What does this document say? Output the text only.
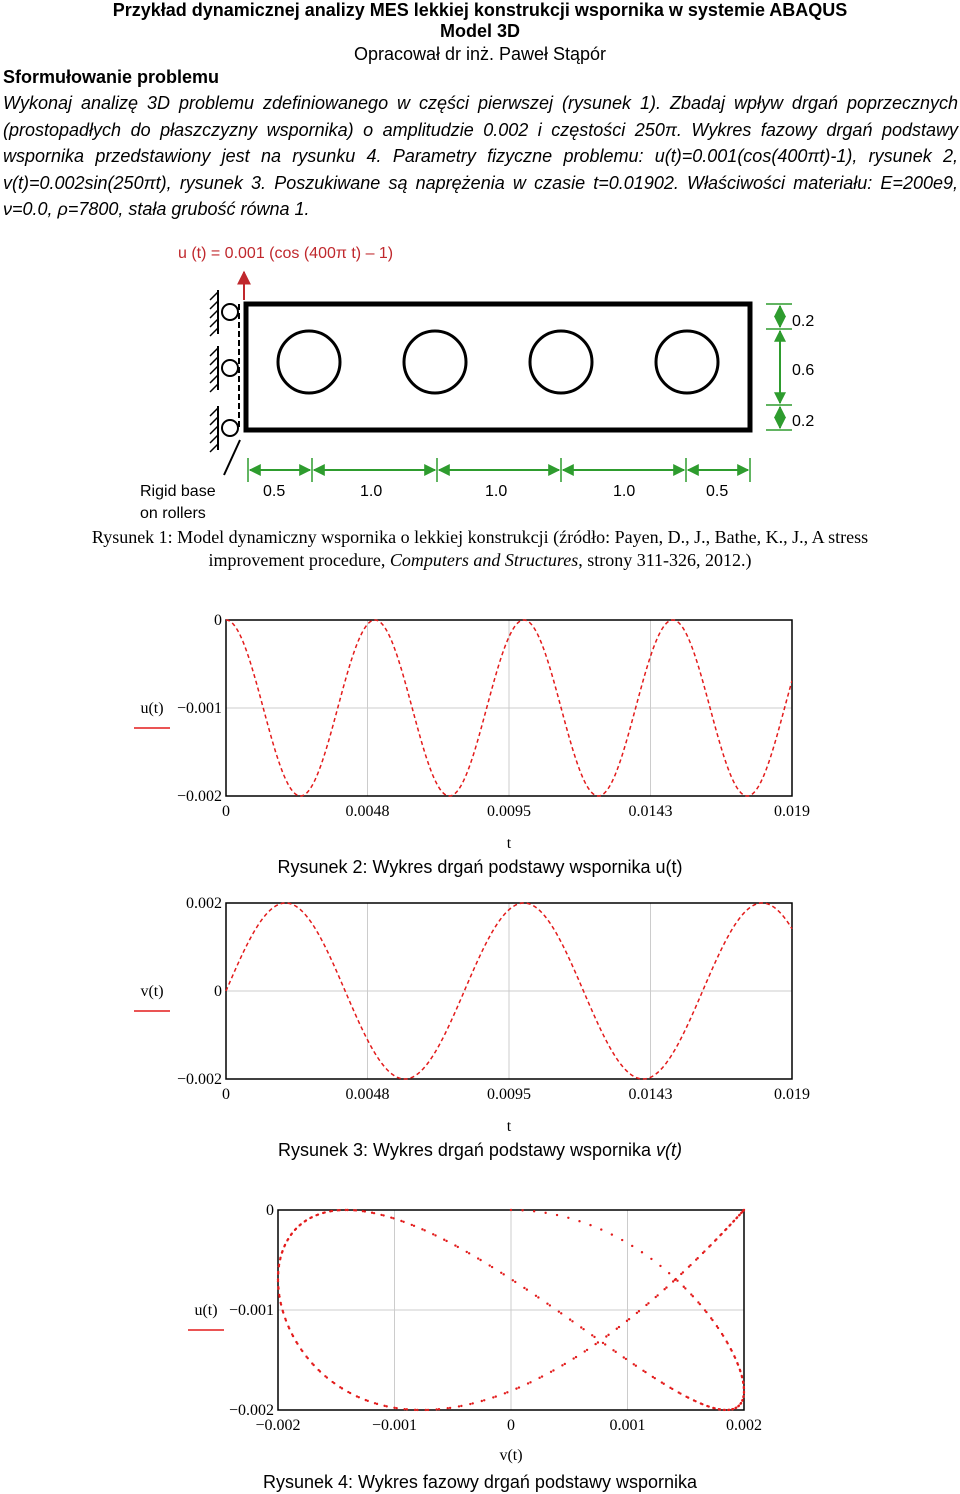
Przykład dynamicznej analizy MES lekkiej konstrukcji wspornika w systemie ABAQUS
Model 3D
Opracował dr inż. Paweł Stąpór
Sformułowanie problemu
Wykonaj analizę 3D problemu zdefiniowanego w części pierwszej (rysunek 1). Zbadaj wpływ drgań poprzecznych (prostopadłych do płaszczyzny wspornika) o amplitudzie 0.002 i częstości 250π. Wykres fazowy drgań podstawy wspornika przedstawiony jest na rysunku 4. Parametry fizyczne problemu: u(t)=0.001(cos(400πt)-1), rysunek 2, v(t)=0.002sin(250πt), rysunek 3. Poszukiwane są naprężenia w czasie t=0.01902. Właściwości materiału: E=200e9, ν=0.0, ρ=7800, stała grubość równa 1.
u (t) = 0.001 (cos (400π t) – 1)
Rigid base
on rollers
0.5	1.0	1.0	1.0	0.5
0.2
0.6
0.2
Rysunek 1: Model dynamiczny wspornika o lekkiej konstrukcji (źródło: Payen, D., J., Bathe, K., J., A stress
improvement procedure, Computers and Structures, strony 311-326, 2012.)
0	0.0048	0.0095	0.0143	0.019
0
−0.001
−0.002
u(t)
t
Rysunek 2: Wykres drgań podstawy wspornika u(t)
0	0.0048	0.0095	0.0143	0.019
0.002
0
−0.002
v(t)
t
Rysunek 3: Wykres drgań podstawy wspornika v(t)
−0.002	−0.001	0	0.001	0.002
0
−0.001
−0.002
u(t)
v(t)
Rysunek 4: Wykres fazowy drgań podstawy wspornika
